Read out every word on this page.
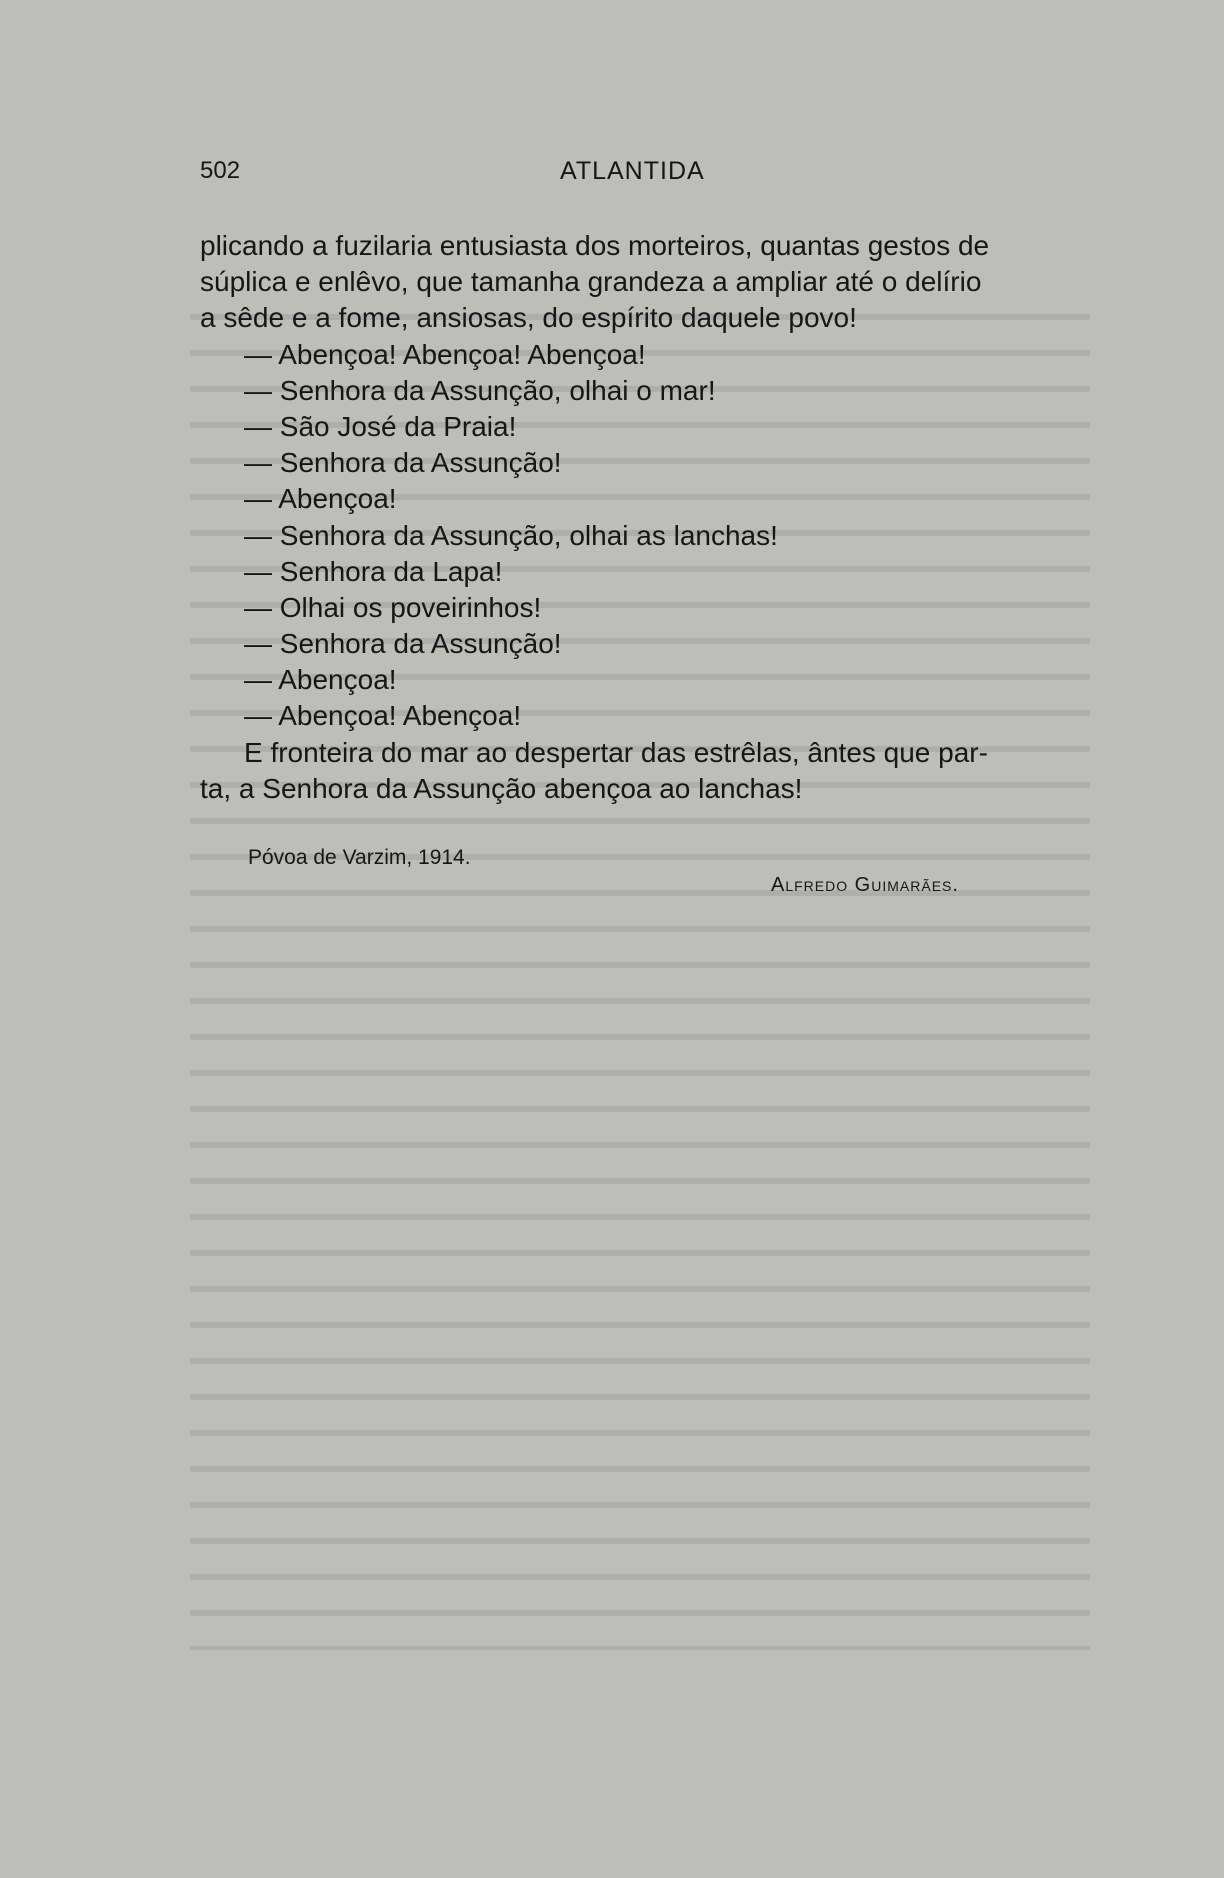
502	ATLANTIDA
plicando a fuzilaria entusiasta dos morteiros, quantas gestos de
súplica e enlêvo, que tamanha grandeza a ampliar até o delírio
a sêde e a fome, ansiosas, do espírito daquele povo!
— Abençoa! Abençoa! Abençoa!
— Senhora da Assunção, olhai o mar!
— São José da Praia!
— Senhora da Assunção!
— Abençoa!
— Senhora da Assunção, olhai as lanchas!
— Senhora da Lapa!
— Olhai os poveirinhos!
— Senhora da Assunção!
— Abençoa!
— Abençoa! Abençoa!
E fronteira do mar ao despertar das estrêlas, ântes que par-
ta, a Senhora da Assunção abençoa ao lanchas!
Póvoa de Varzim, 1914.
Alfredo Guimarães.
